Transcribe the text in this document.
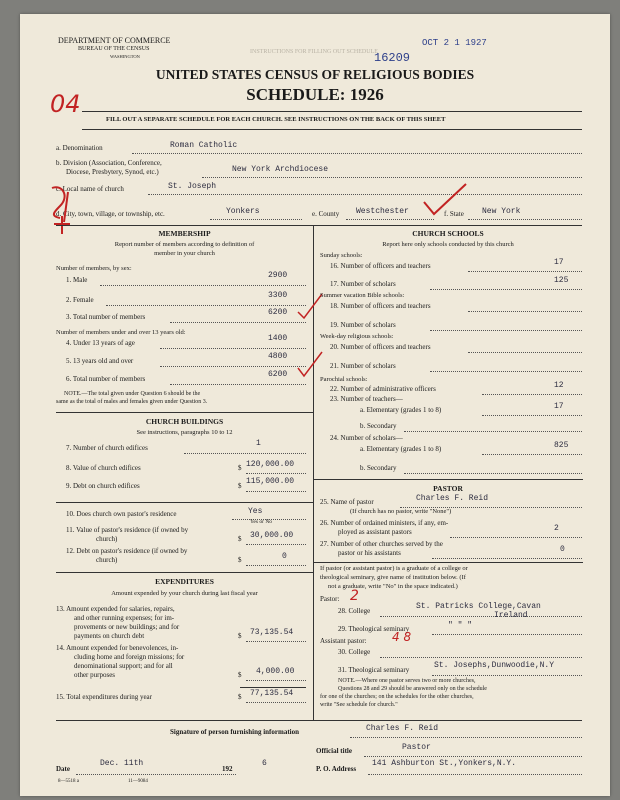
DEPARTMENT OF COMMERCE
BUREAU OF THE CENSUS
WASHINGTON
INSTRUCTIONS FOR FILLING OUT SCHEDULE
OCT 2 1 1927
16209
UNITED STATES CENSUS OF RELIGIOUS BODIES
SCHEDULE: 1926
04
FILL OUT A SEPARATE SCHEDULE FOR EACH CHURCH. SEE INSTRUCTIONS ON THE BACK OF THIS SHEET
a. Denomination	Roman Catholic
b. Division (Association, Conference,
Diocese, Presbytery, Synod, etc.)	New York Archdiocese
c. Local name of church	St. Joseph
d. City, town, village, or township, etc.	Yonkers	e. County Westchester	f. State New York
MEMBERSHIP
Report number of members according to definition of
member in your church
Number of members, by sex:
1. Male	2900
2. Female	3300
3. Total number of members	6200
Number of members under and over 13 years old:
4. Under 13 years of age	1400
5. 13 years old and over	4800
6. Total number of members	6200
NOTE.—The total given under Question 6 should be the
same as the total of males and females given under Question 3.
CHURCH BUILDINGS
See instructions, paragraphs 10 to 12
7. Number of church edifices	1
8. Value of church edifices	$ 120,000.00
9. Debt on church edifices	$ 115,000.00
10. Does church own pastor's residence	Yes
Yes or No
11. Value of pastor's residence (if owned by
church)	$ 30,000.00
12. Debt on pastor's residence (if owned by
church)	$	0
EXPENDITURES
Amount expended by your church during last fiscal year
13. Amount expended for salaries, repairs,
and other running expenses; for im-
provements or new buildings; and for
payments on church debt	$ 73,135.54
14. Amount expended for benevolences, in-
cluding home and foreign missions; for
denominational support; and for all
other purposes	$ 4,000.00
15. Total expenditures during year	$ 77,135.54
CHURCH SCHOOLS
Report here only schools conducted by this church
Sunday schools:
16. Number of officers and teachers	17
17. Number of scholars	125
Summer vacation Bible schools:
18. Number of officers and teachers
19. Number of scholars
Week-day religious schools:
20. Number of officers and teachers
21. Number of scholars
Parochial schools:
22. Number of administrative officers	12
23. Number of teachers—
a. Elementary (grades 1 to 8)	17
b. Secondary
24. Number of scholars—
a. Elementary (grades 1 to 8)	825
b. Secondary
PASTOR
25. Name of pastor	Charles F. Reid
(If church has no pastor, write "None")
26. Number of ordained ministers, if any, em-
ployed as assistant pastors	2
27. Number of other churches served by the
pastor or his assistants	0
If pastor (or assistant pastor) is a graduate of a college or
theological seminary, give name of institution below. (If
not a graduate, write "No" in the space indicated.)
Pastor: 2
28. College	St. Patricks College,Cavan
Ireland
29. Theological seminary	" " "
Assistant pastor: 4 8
30. College
31. Theological seminary	St. Josephs,Dunwoodie,N.Y
NOTE.—Where one pastor serves two or more churches,
Questions 28 and 29 should be answered only on the schedule
for one of the churches; on the schedules for the other churches,
write "See schedule for church."
Signature of person furnishing information	Charles F. Reid
Official title	Pastor
Date
Dec. 11th
192
6
P. O. Address
141 Ashburton St.,Yonkers,N.Y.
8—5518 a	11—9084
